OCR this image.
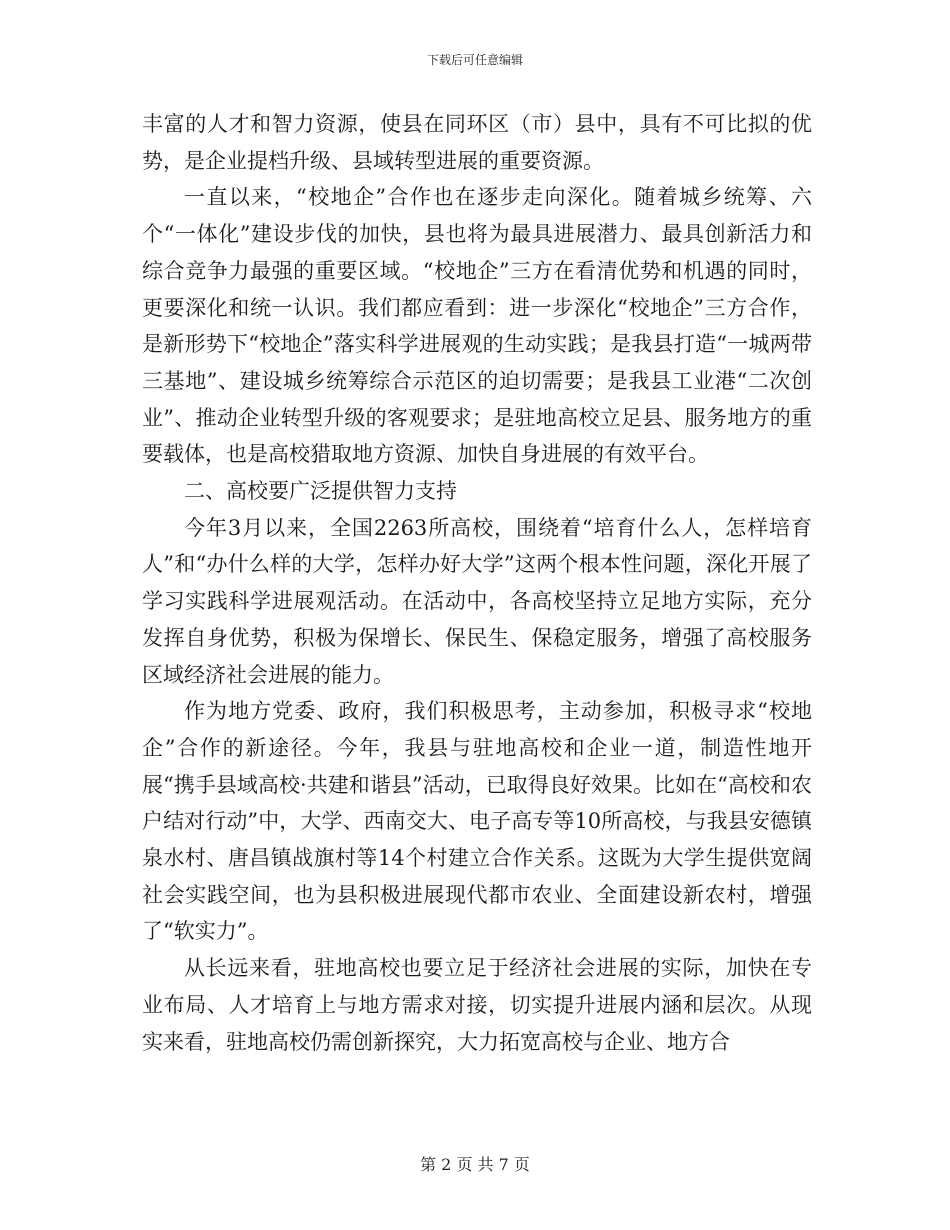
下载后可任意编辑

丰富的人才和智力资源，使县在同环区（市）县中，具有不可比拟的优势，是企业提档升级、县域转型进展的重要资源。

一直以来，“校地企”合作也在逐步走向深化。随着城乡统筹、六个“一体化”建设步伐的加快，县也将为最具进展潜力、最具创新活力和综合竞争力最强的重要区域。“校地企”三方在看清优势和机遇的同时，更要深化和统一认识。我们都应看到：进一步深化“校地企”三方合作，是新形势下“校地企”落实科学进展观的生动实践；是我县打造“一城两带三基地”、建设城乡统筹综合示范区的迫切需要；是我县工业港“二次创业”、推动企业转型升级的客观要求；是驻地高校立足县、服务地方的重要载体，也是高校猎取地方资源、加快自身进展的有效平台。

二、高校要广泛提供智力支持

今年3月以来，全国2263所高校，围绕着“培育什么人，怎样培育人”和“办什么样的大学，怎样办好大学”这两个根本性问题，深化开展了学习实践科学进展观活动。在活动中，各高校坚持立足地方实际，充分发挥自身优势，积极为保增长、保民生、保稳定服务，增强了高校服务区域经济社会进展的能力。

作为地方党委、政府，我们积极思考，主动参加，积极寻求“校地企”合作的新途径。今年，我县与驻地高校和企业一道，制造性地开展“携手县域高校·共建和谐县”活动，已取得良好效果。比如在“高校和农户结对行动”中，大学、西南交大、电子高专等10所高校，与我县安德镇泉水村、唐昌镇战旗村等14个村建立合作关系。这既为大学生提供宽阔社会实践空间，也为县积极进展现代都市农业、全面建设新农村，增强了“软实力”。

从长远来看，驻地高校也要立足于经济社会进展的实际，加快在专业布局、人才培育上与地方需求对接，切实提升进展内涵和层次。从现实来看，驻地高校仍需创新探究，大力拓宽高校与企业、地方合

第 2 页 共 7 页
